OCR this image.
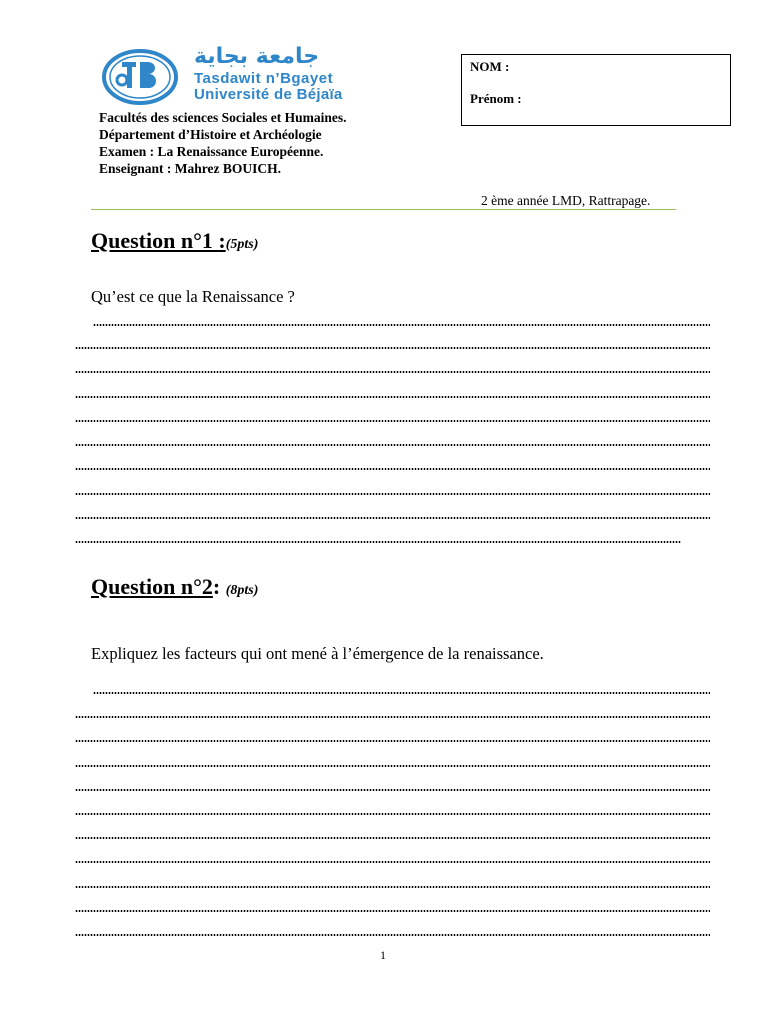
جامعة بجاية
Tasdawit n’Bgayet
Université de Béjaïa
NOM :
Prénom :
Facultés des sciences Sociales et Humaines.
Département d’Histoire et Archéologie
Examen : La Renaissance Européenne.
Enseignant : Mahrez BOUICH.
2 ème année LMD, Rattrapage.
Question n°1 :(5pts)
Qu’est ce que la Renaissance ?
Question n°2: (8pts)
Expliquez les facteurs qui ont mené à l’émergence de la renaissance.
1
